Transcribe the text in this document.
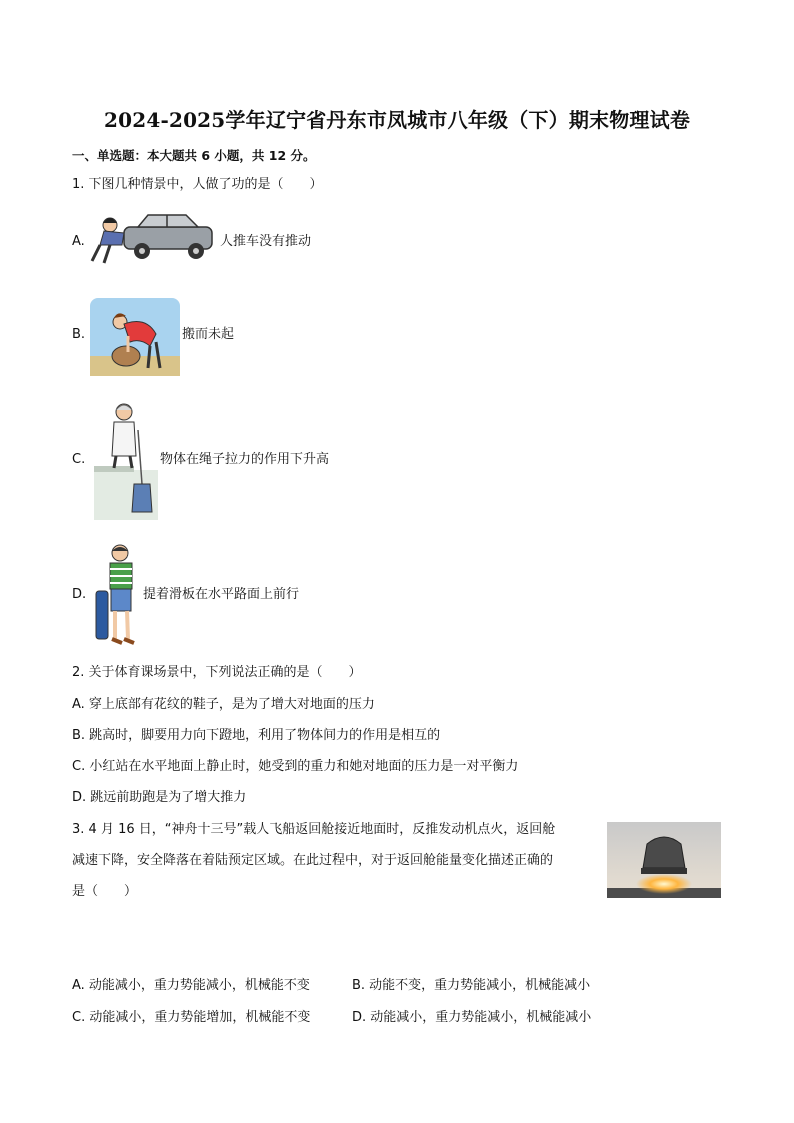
2024-2025学年辽宁省丹东市凤城市八年级（下）期末物理试卷
一、单选题：本大题共 6 小题，共 12 分。
1. 下图几种情景中，人做了功的是（　　）
A.	人推车没有推动
B.	搬而未起
C.	物体在绳子拉力的作用下升高
D.	提着滑板在水平路面上前行
2. 关于体育课场景中，下列说法正确的是（　　）
A. 穿上底部有花纹的鞋子，是为了增大对地面的压力
B. 跳高时，脚要用力向下蹬地，利用了物体间力的作用是相互的
C. 小红站在水平地面上静止时，她受到的重力和她对地面的压力是一对平衡力
D. 跳远前助跑是为了增大推力
3. 4 月 16 日，“神舟十三号”载人飞船返回舱接近地面时，反推发动机点火，返回舱
减速下降，安全降落在着陆预定区域。在此过程中，对于返回舱能量变化描述正确的
是（　　）
A. 动能减小，重力势能减小，机械能不变	B. 动能不变，重力势能减小，机械能减小
C. 动能减小，重力势能增加，机械能不变	D. 动能减小，重力势能减小，机械能减小
